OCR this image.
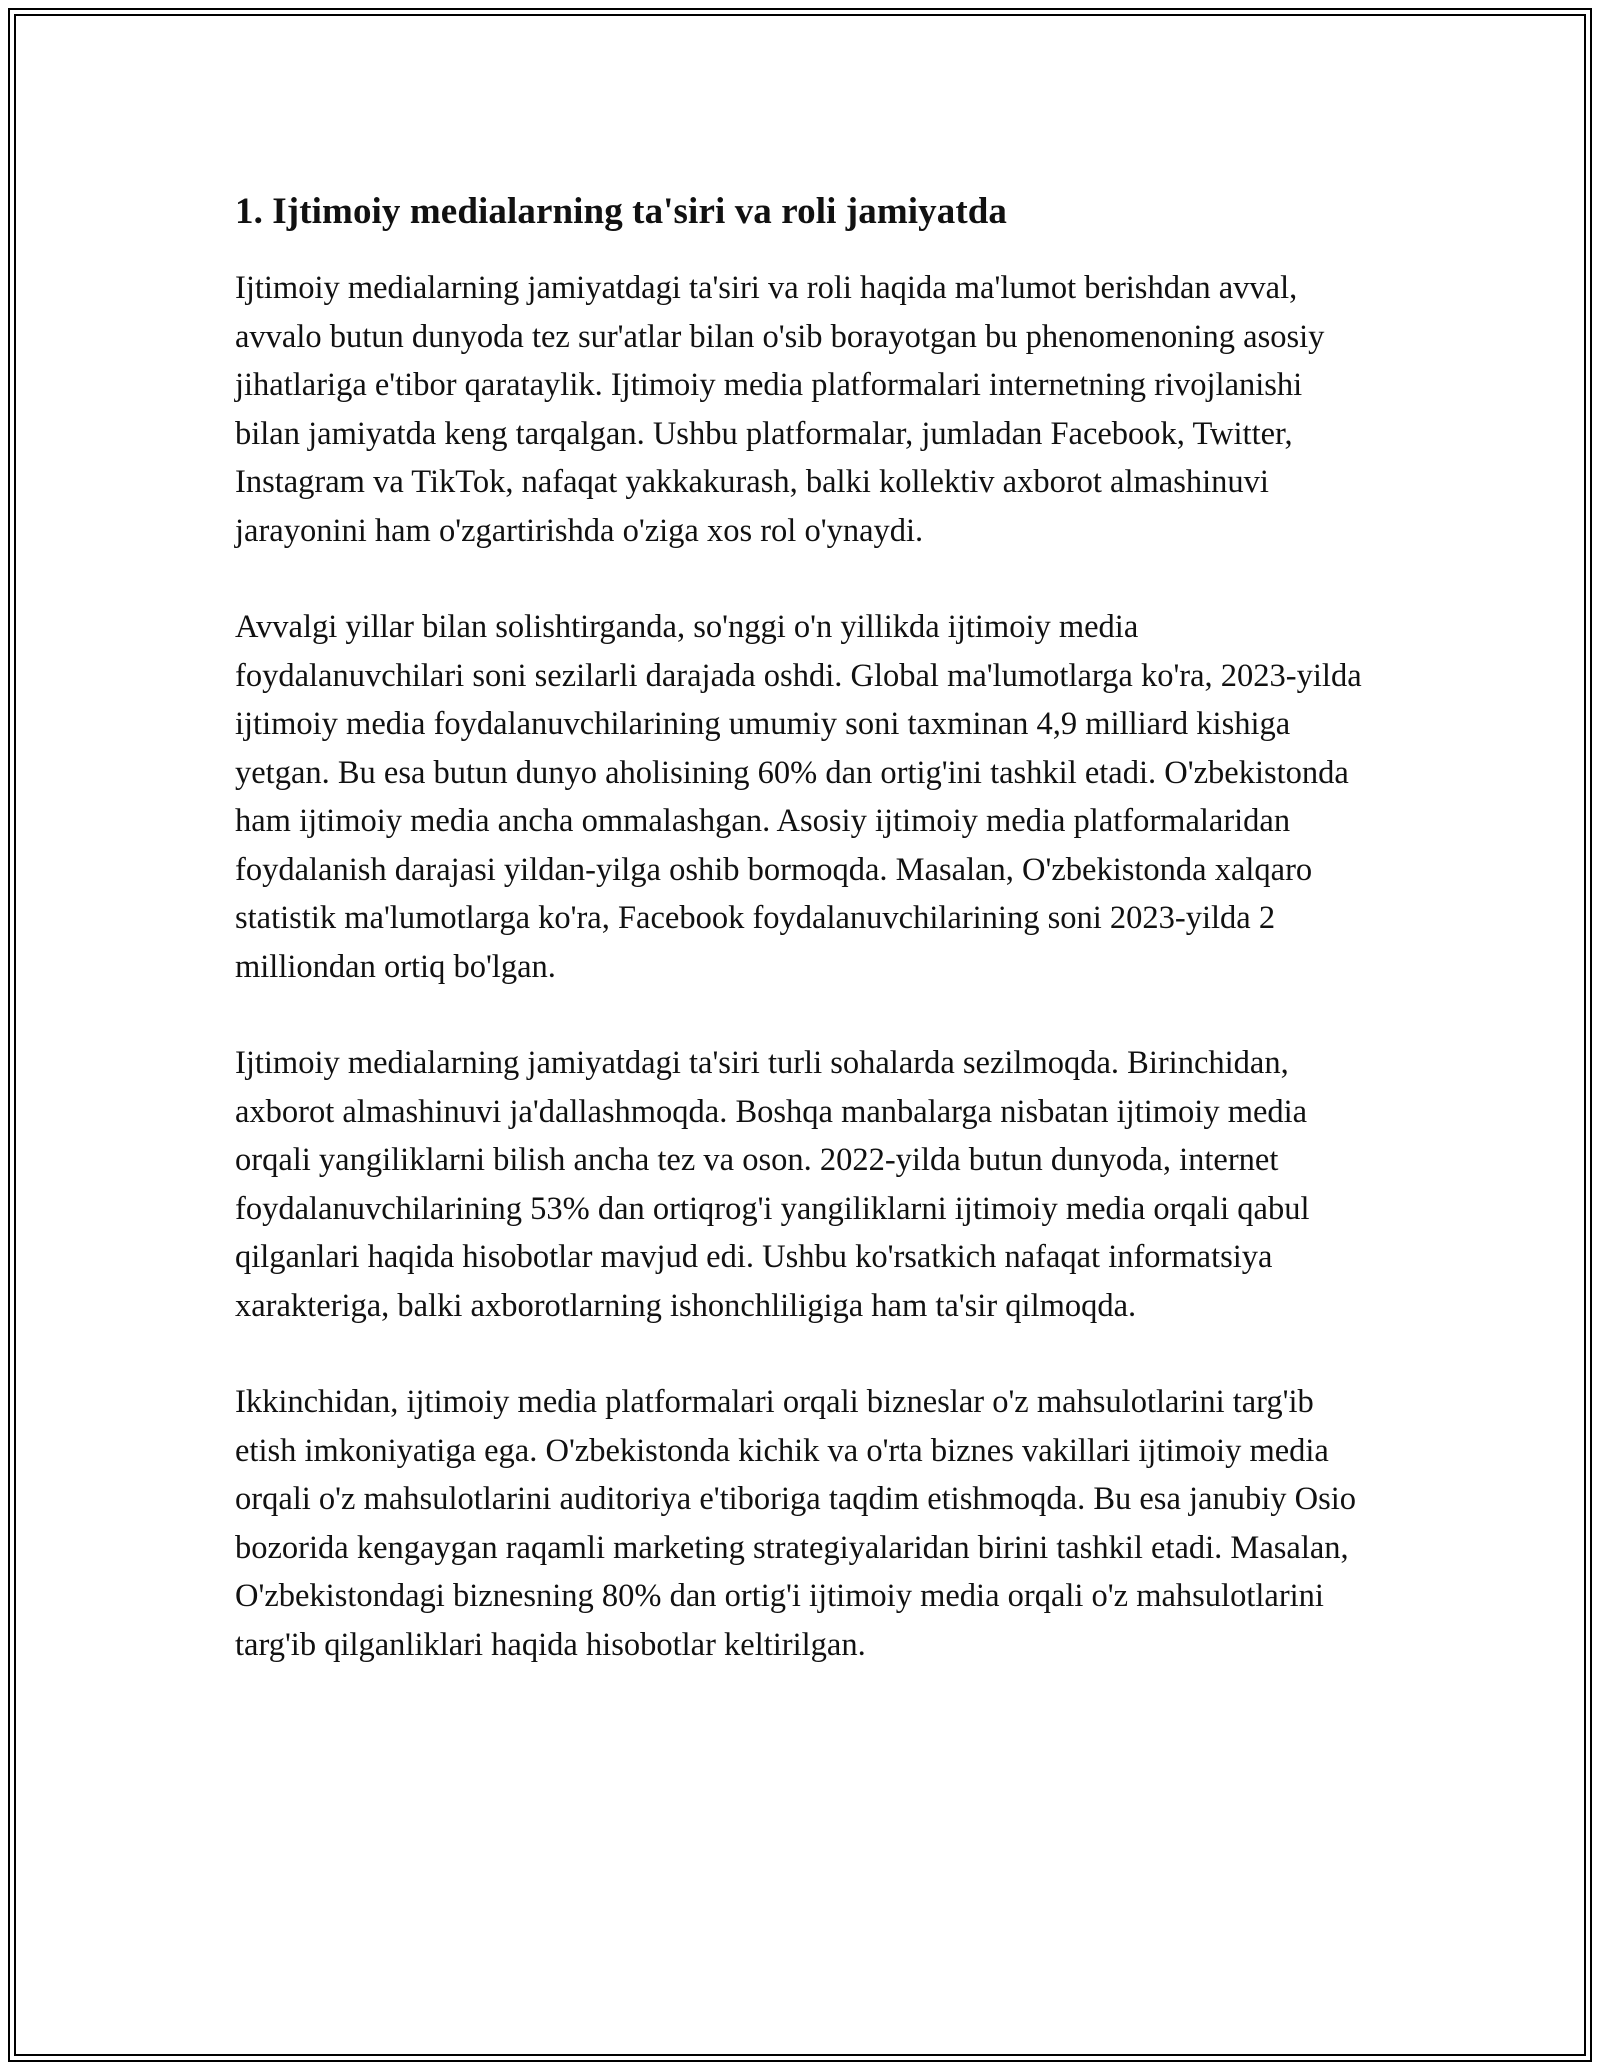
1. Ijtimoiy medialarning ta'siri va roli jamiyatda

Ijtimoiy medialarning jamiyatdagi ta'siri va roli haqida ma'lumot berishdan avval, avvalo butun dunyoda tez sur'atlar bilan o'sib borayotgan bu phenomenoning asosiy jihatlariga e'tibor qarataylik. Ijtimoiy media platformalari internetning rivojlanishi bilan jamiyatda keng tarqalgan. Ushbu platformalar, jumladan Facebook, Twitter, Instagram va TikTok, nafaqat yakkakurash, balki kollektiv axborot almashinuvi jarayonini ham o'zgartirishda o'ziga xos rol o'ynaydi.

Avvalgi yillar bilan solishtirganda, so'nggi o'n yillikda ijtimoiy media foydalanuvchilari soni sezilarli darajada oshdi. Global ma'lumotlarga ko'ra, 2023-yilda ijtimoiy media foydalanuvchilarining umumiy soni taxminan 4,9 milliard kishiga yetgan. Bu esa butun dunyo aholisining 60% dan ortig'ini tashkil etadi. O'zbekistonda ham ijtimoiy media ancha ommalashgan. Asosiy ijtimoiy media platformalaridan foydalanish darajasi yildan-yilga oshib bormoqda. Masalan, O'zbekistonda xalqaro statistik ma'lumotlarga ko'ra, Facebook foydalanuvchilarining soni 2023-yilda 2 milliondan ortiq bo'lgan.

Ijtimoiy medialarning jamiyatdagi ta'siri turli sohalarda sezilmoqda. Birinchidan, axborot almashinuvi ja'dallashmoqda. Boshqa manbalarga nisbatan ijtimoiy media orqali yangiliklarni bilish ancha tez va oson. 2022-yilda butun dunyoda, internet foydalanuvchilarining 53% dan ortiqrog'i yangiliklarni ijtimoiy media orqali qabul qilganlari haqida hisobotlar mavjud edi. Ushbu ko'rsatkich nafaqat informatsiya xarakteriga, balki axborotlarning ishonchliligiga ham ta'sir qilmoqda.

Ikkinchidan, ijtimoiy media platformalari orqali bizneslar o'z mahsulotlarini targ'ib etish imkoniyatiga ega. O'zbekistonda kichik va o'rta biznes vakillari ijtimoiy media orqali o'z mahsulotlarini auditoriya e'tiboriga taqdim etishmoqda. Bu esa janubiy Osio bozorida kengaygan raqamli marketing strategiyalaridan birini tashkil etadi. Masalan, O'zbekistondagi biznesning 80% dan ortig'i ijtimoiy media orqali o'z mahsulotlarini targ'ib qilganliklari haqida hisobotlar keltirilgan.
